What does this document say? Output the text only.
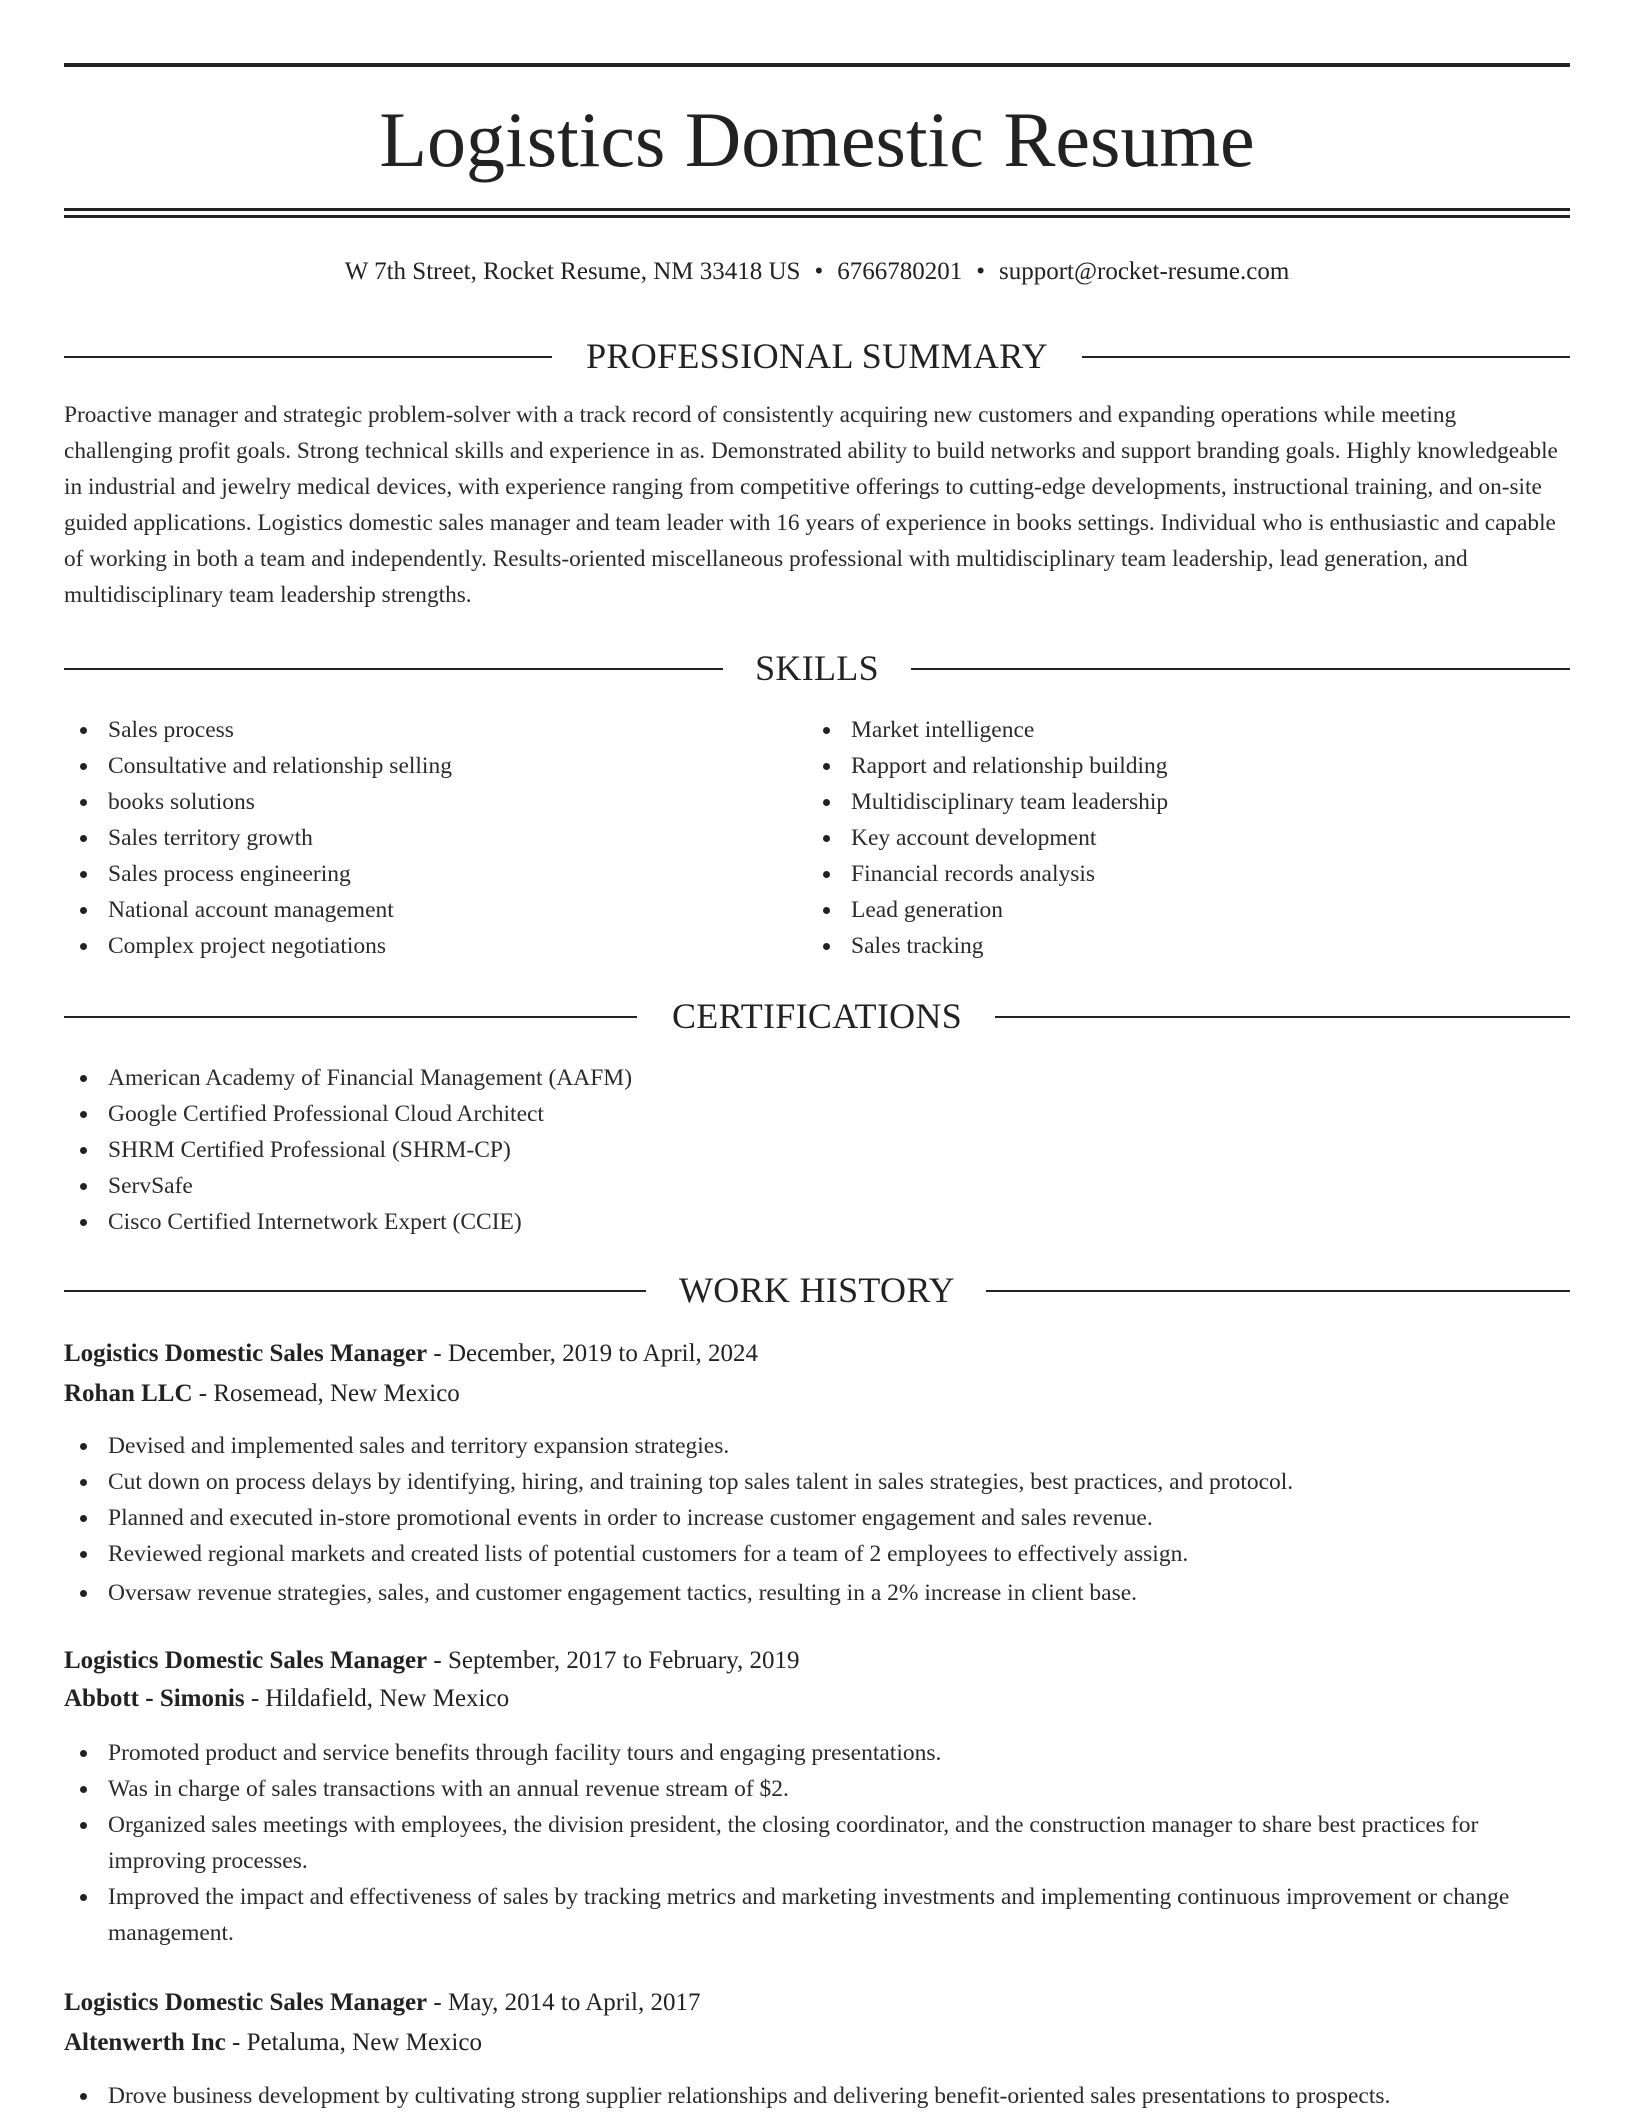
Logistics Domestic Resume
W 7th Street, Rocket Resume, NM 33418 US • 6766780201 • support@rocket-resume.com
PROFESSIONAL SUMMARY

Proactive manager and strategic problem-solver with a track record of consistently acquiring new customers and expanding operations while meeting challenging profit goals. Strong technical skills and experience in as. Demonstrated ability to build networks and support branding goals. Highly knowledgeable in industrial and jewelry medical devices, with experience ranging from competitive offerings to cutting-edge developments, instructional training, and on-site guided applications. Logistics domestic sales manager and team leader with 16 years of experience in books settings. Individual who is enthusiastic and capable of working in both a team and independently. Results-oriented miscellaneous professional with multidisciplinary team leadership, lead generation, and multidisciplinary team leadership strengths.

SKILLS
Sales process
Consultative and relationship selling
books solutions
Sales territory growth
Sales process engineering
National account management
Complex project negotiations
Market intelligence
Rapport and relationship building
Multidisciplinary team leadership
Key account development
Financial records analysis
Lead generation
Sales tracking
CERTIFICATIONS
American Academy of Financial Management (AAFM)
Google Certified Professional Cloud Architect
SHRM Certified Professional (SHRM-CP)
ServSafe
Cisco Certified Internetwork Expert (CCIE)
WORK HISTORY
Logistics Domestic Sales Manager - December, 2019 to April, 2024
Rohan LLC - Rosemead, New Mexico
Devised and implemented sales and territory expansion strategies.
Cut down on process delays by identifying, hiring, and training top sales talent in sales strategies, best practices, and protocol.
Planned and executed in-store promotional events in order to increase customer engagement and sales revenue.
Reviewed regional markets and created lists of potential customers for a team of 2 employees to effectively assign.
Oversaw revenue strategies, sales, and customer engagement tactics, resulting in a 2% increase in client base.
Logistics Domestic Sales Manager - September, 2017 to February, 2019
Abbott - Simonis - Hildafield, New Mexico
Promoted product and service benefits through facility tours and engaging presentations.
Was in charge of sales transactions with an annual revenue stream of $2.
Organized sales meetings with employees, the division president, the closing coordinator, and the construction manager to share best practices for improving processes.
Improved the impact and effectiveness of sales by tracking metrics and marketing investments and implementing continuous improvement or change management.
Logistics Domestic Sales Manager - May, 2014 to April, 2017
Altenwerth Inc - Petaluma, New Mexico
Drove business development by cultivating strong supplier relationships and delivering benefit-oriented sales presentations to prospects.
